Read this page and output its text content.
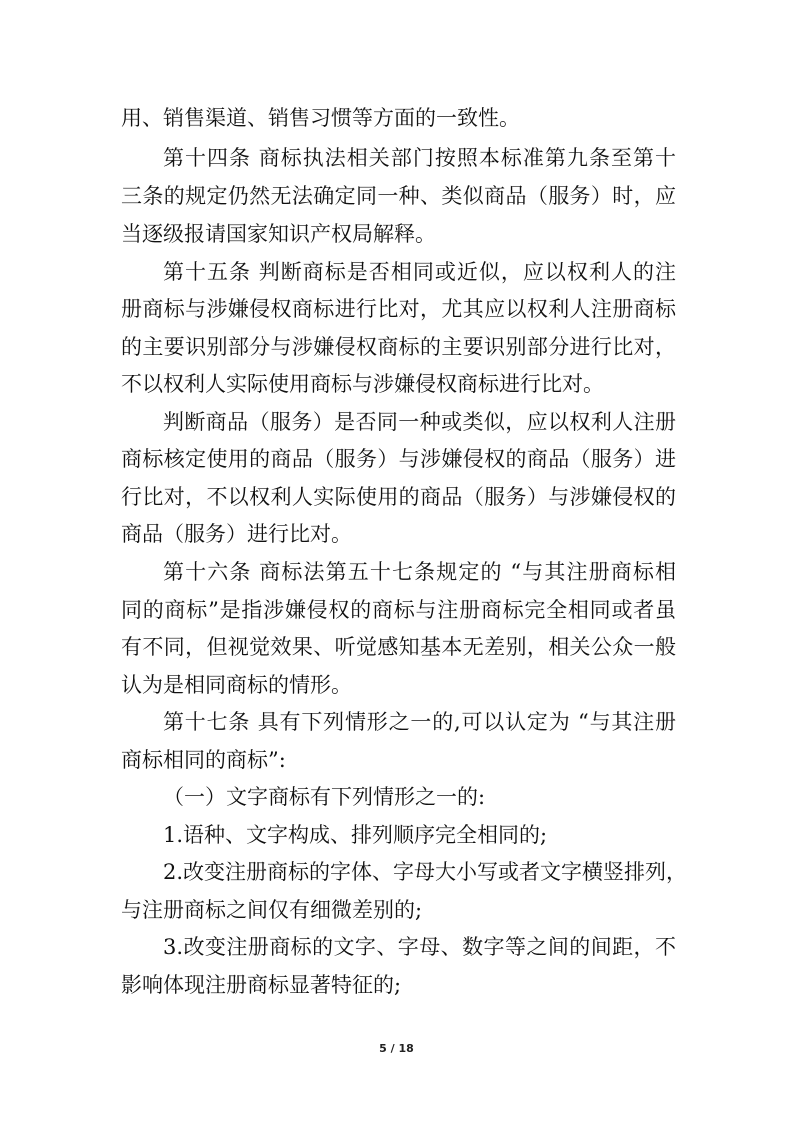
用、销售渠道、销售习惯等方面的一致性。
第十四条 商标执法相关部门按照本标准第九条至第十
三条的规定仍然无法确定同一种、类似商品（服务）时，应
当逐级报请国家知识产权局解释。
第十五条 判断商标是否相同或近似，应以权利人的注
册商标与涉嫌侵权商标进行比对，尤其应以权利人注册商标
的主要识别部分与涉嫌侵权商标的主要识别部分进行比对，
不以权利人实际使用商标与涉嫌侵权商标进行比对。
判断商品（服务）是否同一种或类似，应以权利人注册
商标核定使用的商品（服务）与涉嫌侵权的商品（服务）进
行比对，不以权利人实际使用的商品（服务）与涉嫌侵权的
商品（服务）进行比对。
第十六条 商标法第五十七条规定的 “与其注册商标相
同的商标”是指涉嫌侵权的商标与注册商标完全相同或者虽
有不同，但视觉效果、听觉感知基本无差别，相关公众一般
认为是相同商标的情形。
第十七条 具有下列情形之一的,可以认定为 “与其注册
商标相同的商标”:
（一）文字商标有下列情形之一的:
1.语种、文字构成、排列顺序完全相同的;
2.改变注册商标的字体、字母大小写或者文字横竖排列，
与注册商标之间仅有细微差别的;
3.改变注册商标的文字、字母、数字等之间的间距，不
影响体现注册商标显著特征的;
5 / 18
